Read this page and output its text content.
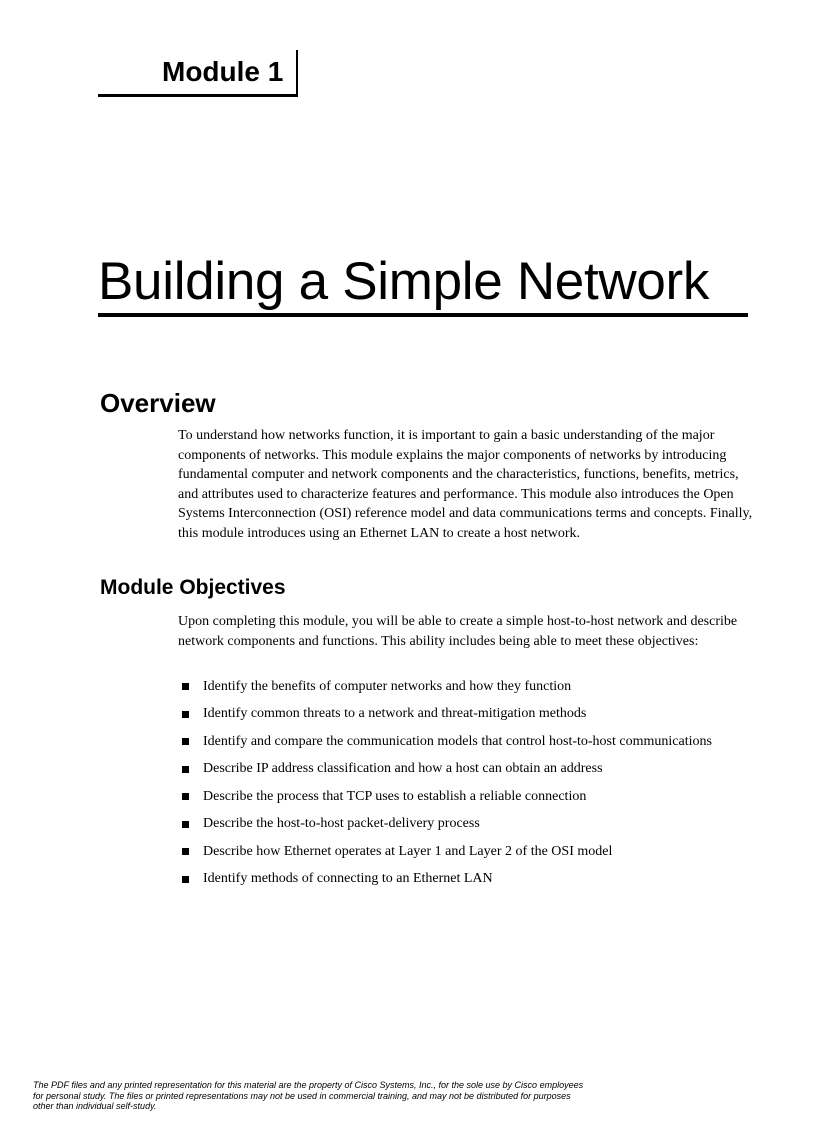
Module 1
Building a Simple Network
Overview

To understand how networks function, it is important to gain a basic understanding of the major components of networks. This module explains the major components of networks by introducing fundamental computer and network components and the characteristics, functions, benefits, metrics, and attributes used to characterize features and performance. This module also introduces the Open Systems Interconnection (OSI) reference model and data communications terms and concepts. Finally, this module introduces using an Ethernet LAN to create a host network.

Module Objectives

Upon completing this module, you will be able to create a simple host-to-host network and describe network components and functions. This ability includes being able to meet these objectives:

Identify the benefits of computer networks and how they function
Identify common threats to a network and threat-mitigation methods
Identify and compare the communication models that control host-to-host communications
Describe IP address classification and how a host can obtain an address
Describe the process that TCP uses to establish a reliable connection
Describe the host-to-host packet-delivery process
Describe how Ethernet operates at Layer 1 and Layer 2 of the OSI model
Identify methods of connecting to an Ethernet LAN

The PDF files and any printed representation for this material are the property of Cisco Systems, Inc., for the sole use by Cisco employees for personal study. The files or printed representations may not be used in commercial training, and may not be distributed for purposes other than individual self-study.
